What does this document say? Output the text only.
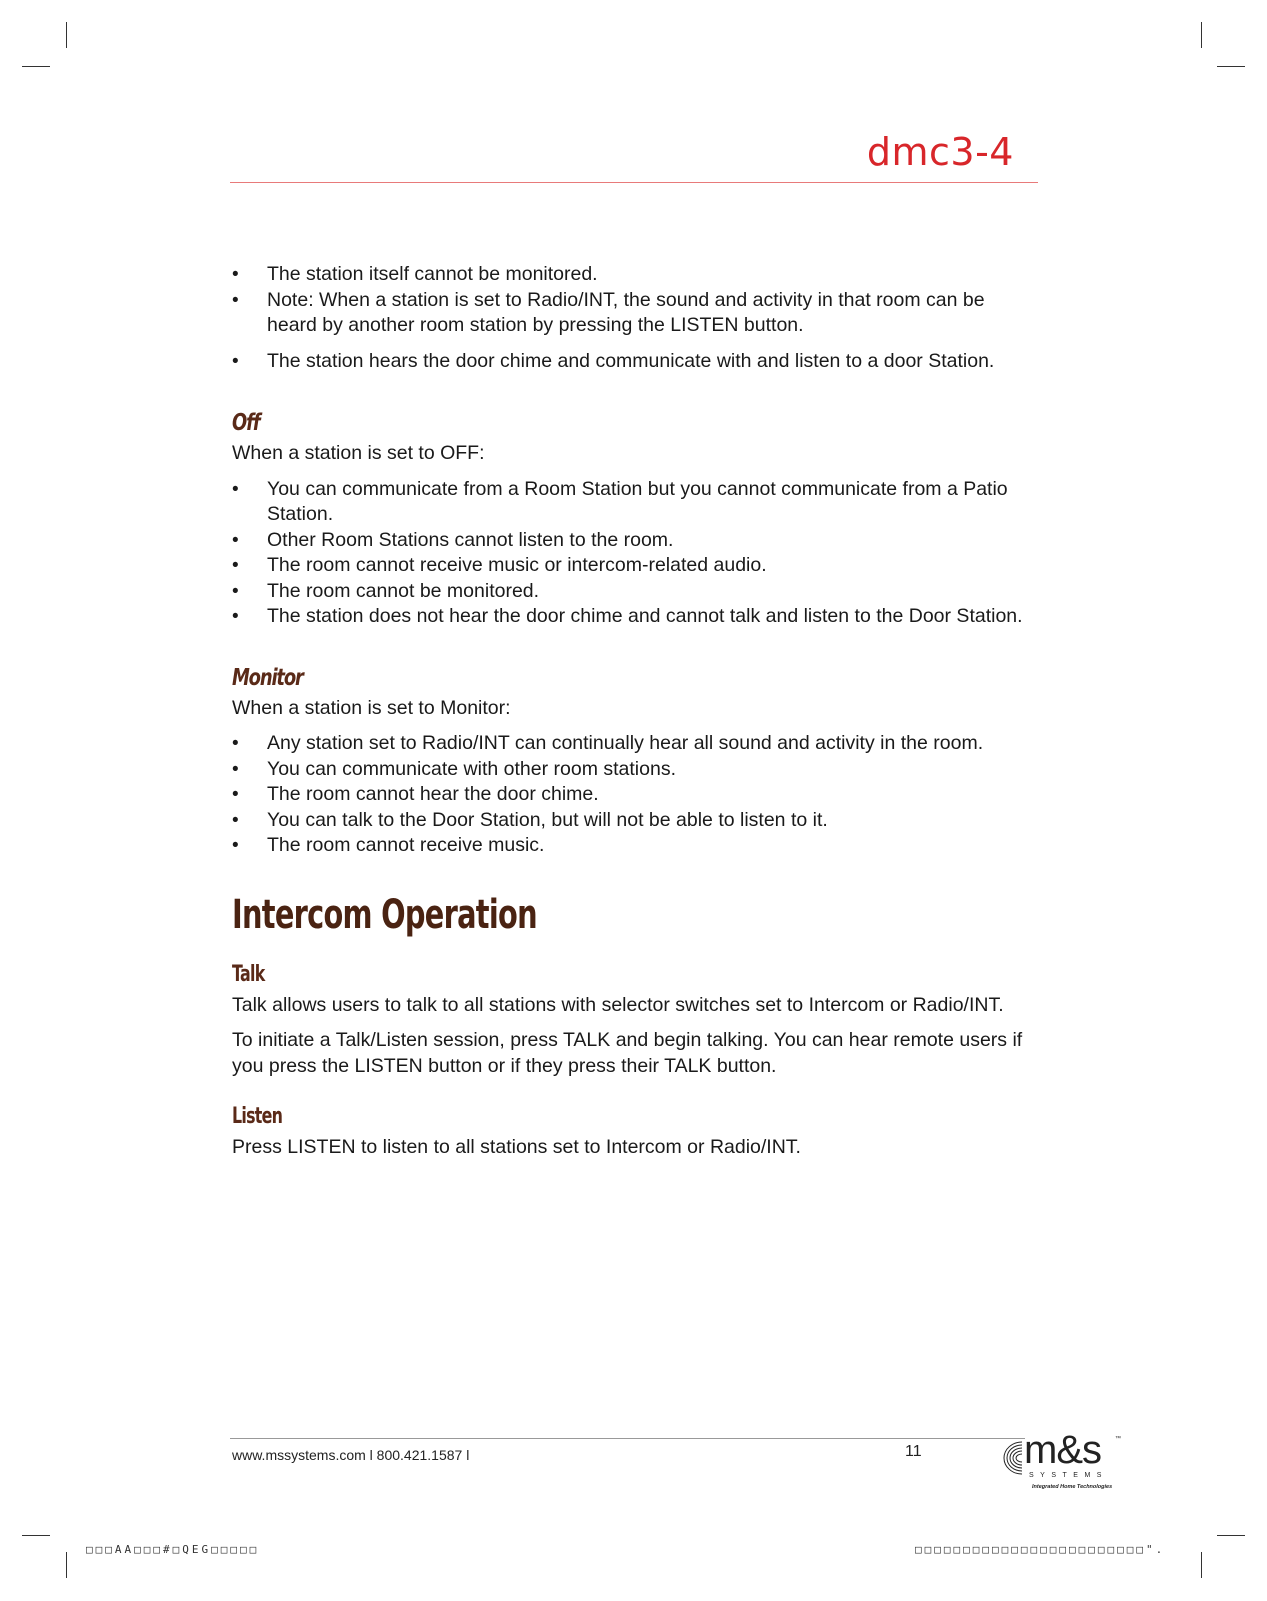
dmc3-4
• The station itself cannot be monitored.
• Note: When a station is set to Radio/INT, the sound and activity in that room can be heard by another room station by pressing the LISTEN button.
• The station hears the door chime and communicate with and listen to a door Station.
Off

When a station is set to OFF:

• You can communicate from a Room Station but you cannot communicate from a Patio Station.
• Other Room Stations cannot listen to the room.
• The room cannot receive music or intercom-related audio.
• The room cannot be monitored.
• The station does not hear the door chime and cannot talk and listen to the Door Station.
Monitor

When a station is set to Monitor:

• Any station set to Radio/INT can continually hear all sound and activity in the room.
• You can communicate with other room stations.
• The room cannot hear the door chime.
• You can talk to the Door Station, but will not be able to listen to it.
• The room cannot receive music.
Intercom Operation
Talk

Talk allows users to talk to all stations with selector switches set to Intercom or Radio/INT.

To initiate a Talk/Listen session, press TALK and begin talking. You can hear remote users if you press the LISTEN button or if they press their TALK button.

Listen

Press LISTEN to listen to all stations set to Intercom or Radio/INT.

www.mssystems.com l 800.421.1587 l	11	m&s ™
SYSTEMS
Integrated Home Technologies
□□□AA□□□#□QEG□□□□□	□□□□□□□□□□□□□□□□□□□□□□□□".
